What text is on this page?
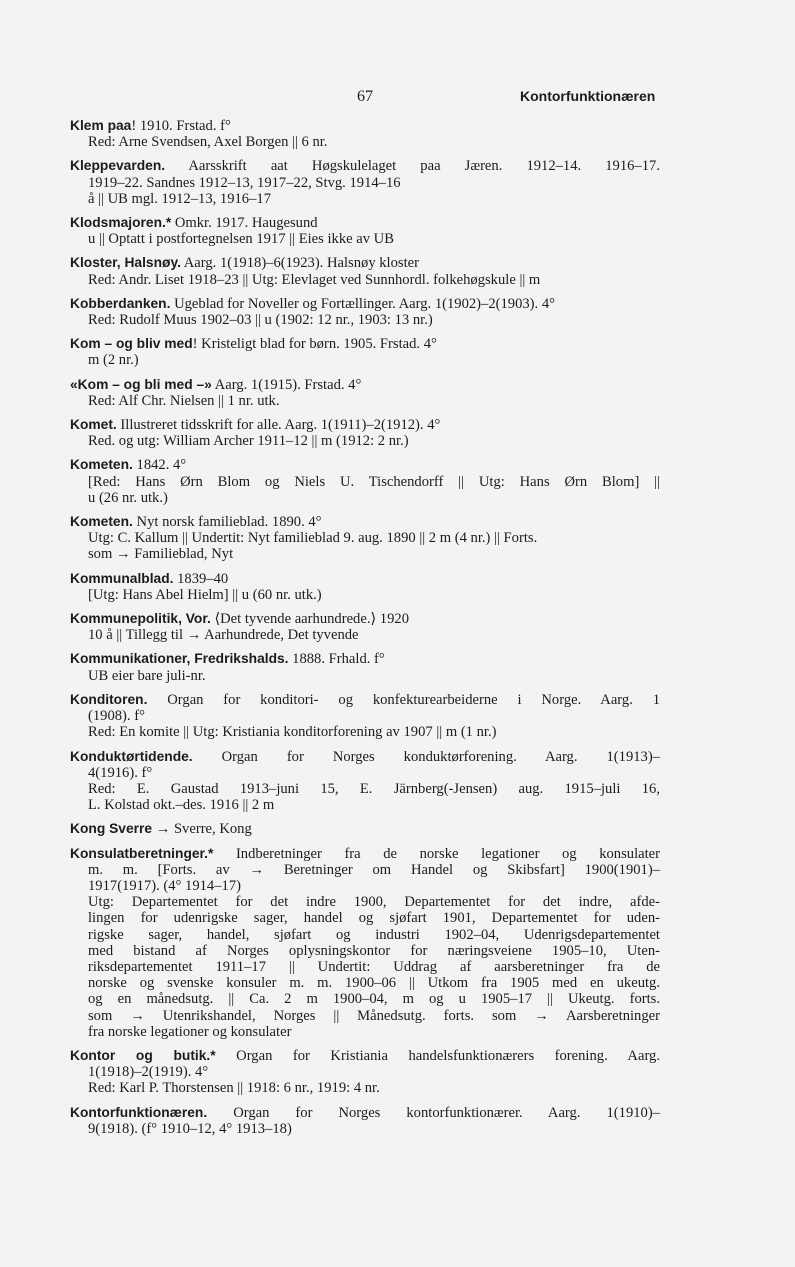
67	Kontorfunktionæren
Klem paa! 1910. Frstad. f°
Red: Arne Svendsen, Axel Borgen || 6 nr.
Kleppevarden. Aarsskrift aat Høgskulelaget paa Jæren. 1912–14. 1916–17.
1919–22. Sandnes 1912–13, 1917–22, Stvg. 1914–16
å || UB mgl. 1912–13, 1916–17
Klodsmajoren.* Omkr. 1917. Haugesund
u || Optatt i postfortegnelsen 1917 || Eies ikke av UB
Kloster, Halsnøy. Aarg. 1(1918)–6(1923). Halsnøy kloster
Red: Andr. Liset 1918–23 || Utg: Elevlaget ved Sunnhordl. folkehøgskule || m
Kobberdanken. Ugeblad for Noveller og Fortællinger. Aarg. 1(1902)–2(1903). 4°
Red: Rudolf Muus 1902–03 || u (1902: 12 nr., 1903: 13 nr.)
Kom – og bliv med! Kristeligt blad for børn. 1905. Frstad. 4°
m (2 nr.)
«Kom – og bli med –» Aarg. 1(1915). Frstad. 4°
Red: Alf Chr. Nielsen || 1 nr. utk.
Komet. Illustreret tidsskrift for alle. Aarg. 1(1911)–2(1912). 4°
Red. og utg: William Archer 1911–12 || m (1912: 2 nr.)
Kometen. 1842. 4°
[Red: Hans Ørn Blom og Niels U. Tischendorff || Utg: Hans Ørn Blom] ||
u (26 nr. utk.)
Kometen. Nyt norsk familieblad. 1890. 4°
Utg: C. Kallum || Undertit: Nyt familieblad 9. aug. 1890 || 2 m (4 nr.) || Forts.
som → Familieblad, Nyt
Kommunalblad. 1839–40
[Utg: Hans Abel Hielm] || u (60 nr. utk.)
Kommunepolitik, Vor. ⟨Det tyvende aarhundrede.⟩ 1920
10 å || Tillegg til → Aarhundrede, Det tyvende
Kommunikationer, Fredrikshalds. 1888. Frhald. f°
UB eier bare juli-nr.
Konditoren. Organ for konditori- og konfekturearbeiderne i Norge. Aarg. 1
(1908). f°
Red: En komite || Utg: Kristiania konditorforening av 1907 || m (1 nr.)
Konduktørtidende. Organ for Norges konduktørforening. Aarg. 1(1913)–
4(1916). f°
Red: E. Gaustad 1913–juni 15, E. Järnberg(-Jensen) aug. 1915–juli 16,
L. Kolstad okt.–des. 1916 || 2 m
Kong Sverre → Sverre, Kong
Konsulatberetninger.* Indberetninger fra de norske legationer og konsulater
m. m. [Forts. av → Beretninger om Handel og Skibsfart] 1900(1901)–
1917(1917). (4° 1914–17)
Utg: Departementet for det indre 1900, Departementet for det indre, afde-
lingen for udenrigske sager, handel og sjøfart 1901, Departementet for uden-
rigske sager, handel, sjøfart og industri 1902–04, Udenrigsdepartementet
med bistand af Norges oplysningskontor for næringsveiene 1905–10, Uten-
riksdepartementet 1911–17 || Undertit: Uddrag af aarsberetninger fra de
norske og svenske konsuler m. m. 1900–06 || Utkom fra 1905 med en ukeutg.
og en månedsutg. || Ca. 2 m 1900–04, m og u 1905–17 || Ukeutg. forts.
som → Utenrikshandel, Norges || Månedsutg. forts. som → Aarsberetninger
fra norske legationer og konsulater
Kontor og butik.* Organ for Kristiania handelsfunktionærers forening. Aarg.
1(1918)–2(1919). 4°
Red: Karl P. Thorstensen || 1918: 6 nr., 1919: 4 nr.
Kontorfunktionæren. Organ for Norges kontorfunktionærer. Aarg. 1(1910)–
9(1918). (f° 1910–12, 4° 1913–18)
